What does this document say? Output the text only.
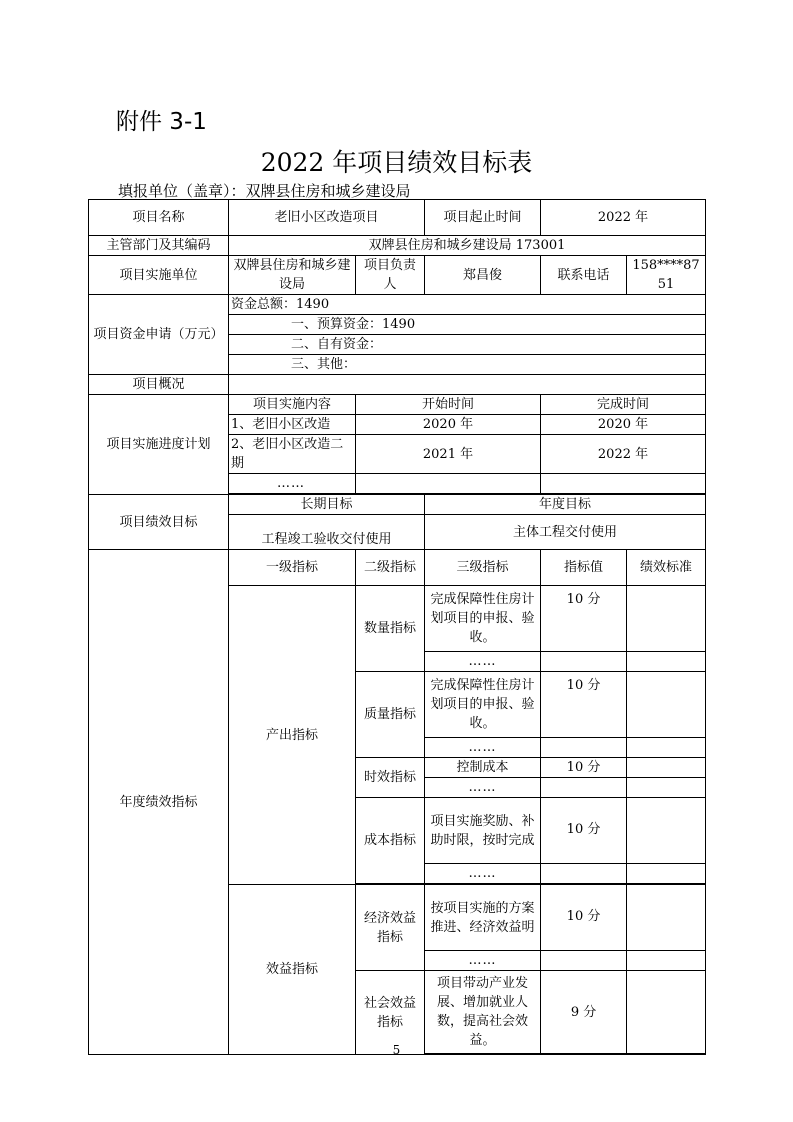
附件 3-1
2022 年项目绩效目标表
填报单位（盖章）：双牌县住房和城乡建设局
项目名称	老旧小区改造项目		项目起止时间	2022 年	
主管部门及其编码	双牌县住房和城乡建设局 173001				
项目实施单位	双牌县住房和城乡建设局	项目负责人	郑昌俊	联系电话	158****8751
项目资金申请（万元）	资金总额：1490				
	一、预算资金：1490				
	二、自有资金：				
	三、其他：				
项目概况					
项目实施进度计划	项目实施内容	开始时间		完成时间	
	1、老旧小区改造	2020 年		2020 年	
	2、老旧小区改造二期	2021 年		2022 年	
	……				

项目绩效目标	长期目标		年度目标		
	工程竣工验收交付使用		主体工程交付使用		
年度绩效指标	一级指标	二级指标	三级指标	指标值	绩效标准
	产出指标	数量指标	完成保障性住房计划项目的申报、验收。	10 分	
			……		
		质量指标	完成保障性住房计划项目的申报、验收。	10 分	
			……		
		时效指标	控制成本	10 分	
			……		
		成本指标	项目实施奖励、补助时限，按时完成	10 分	
			……		

	效益指标	经济效益指标	按项目实施的方案推进、经济效益明	10 分	
			……		
		社会效益指标	项目带动产业发展、增加就业人数，提高社会效益。	9 分	

5
